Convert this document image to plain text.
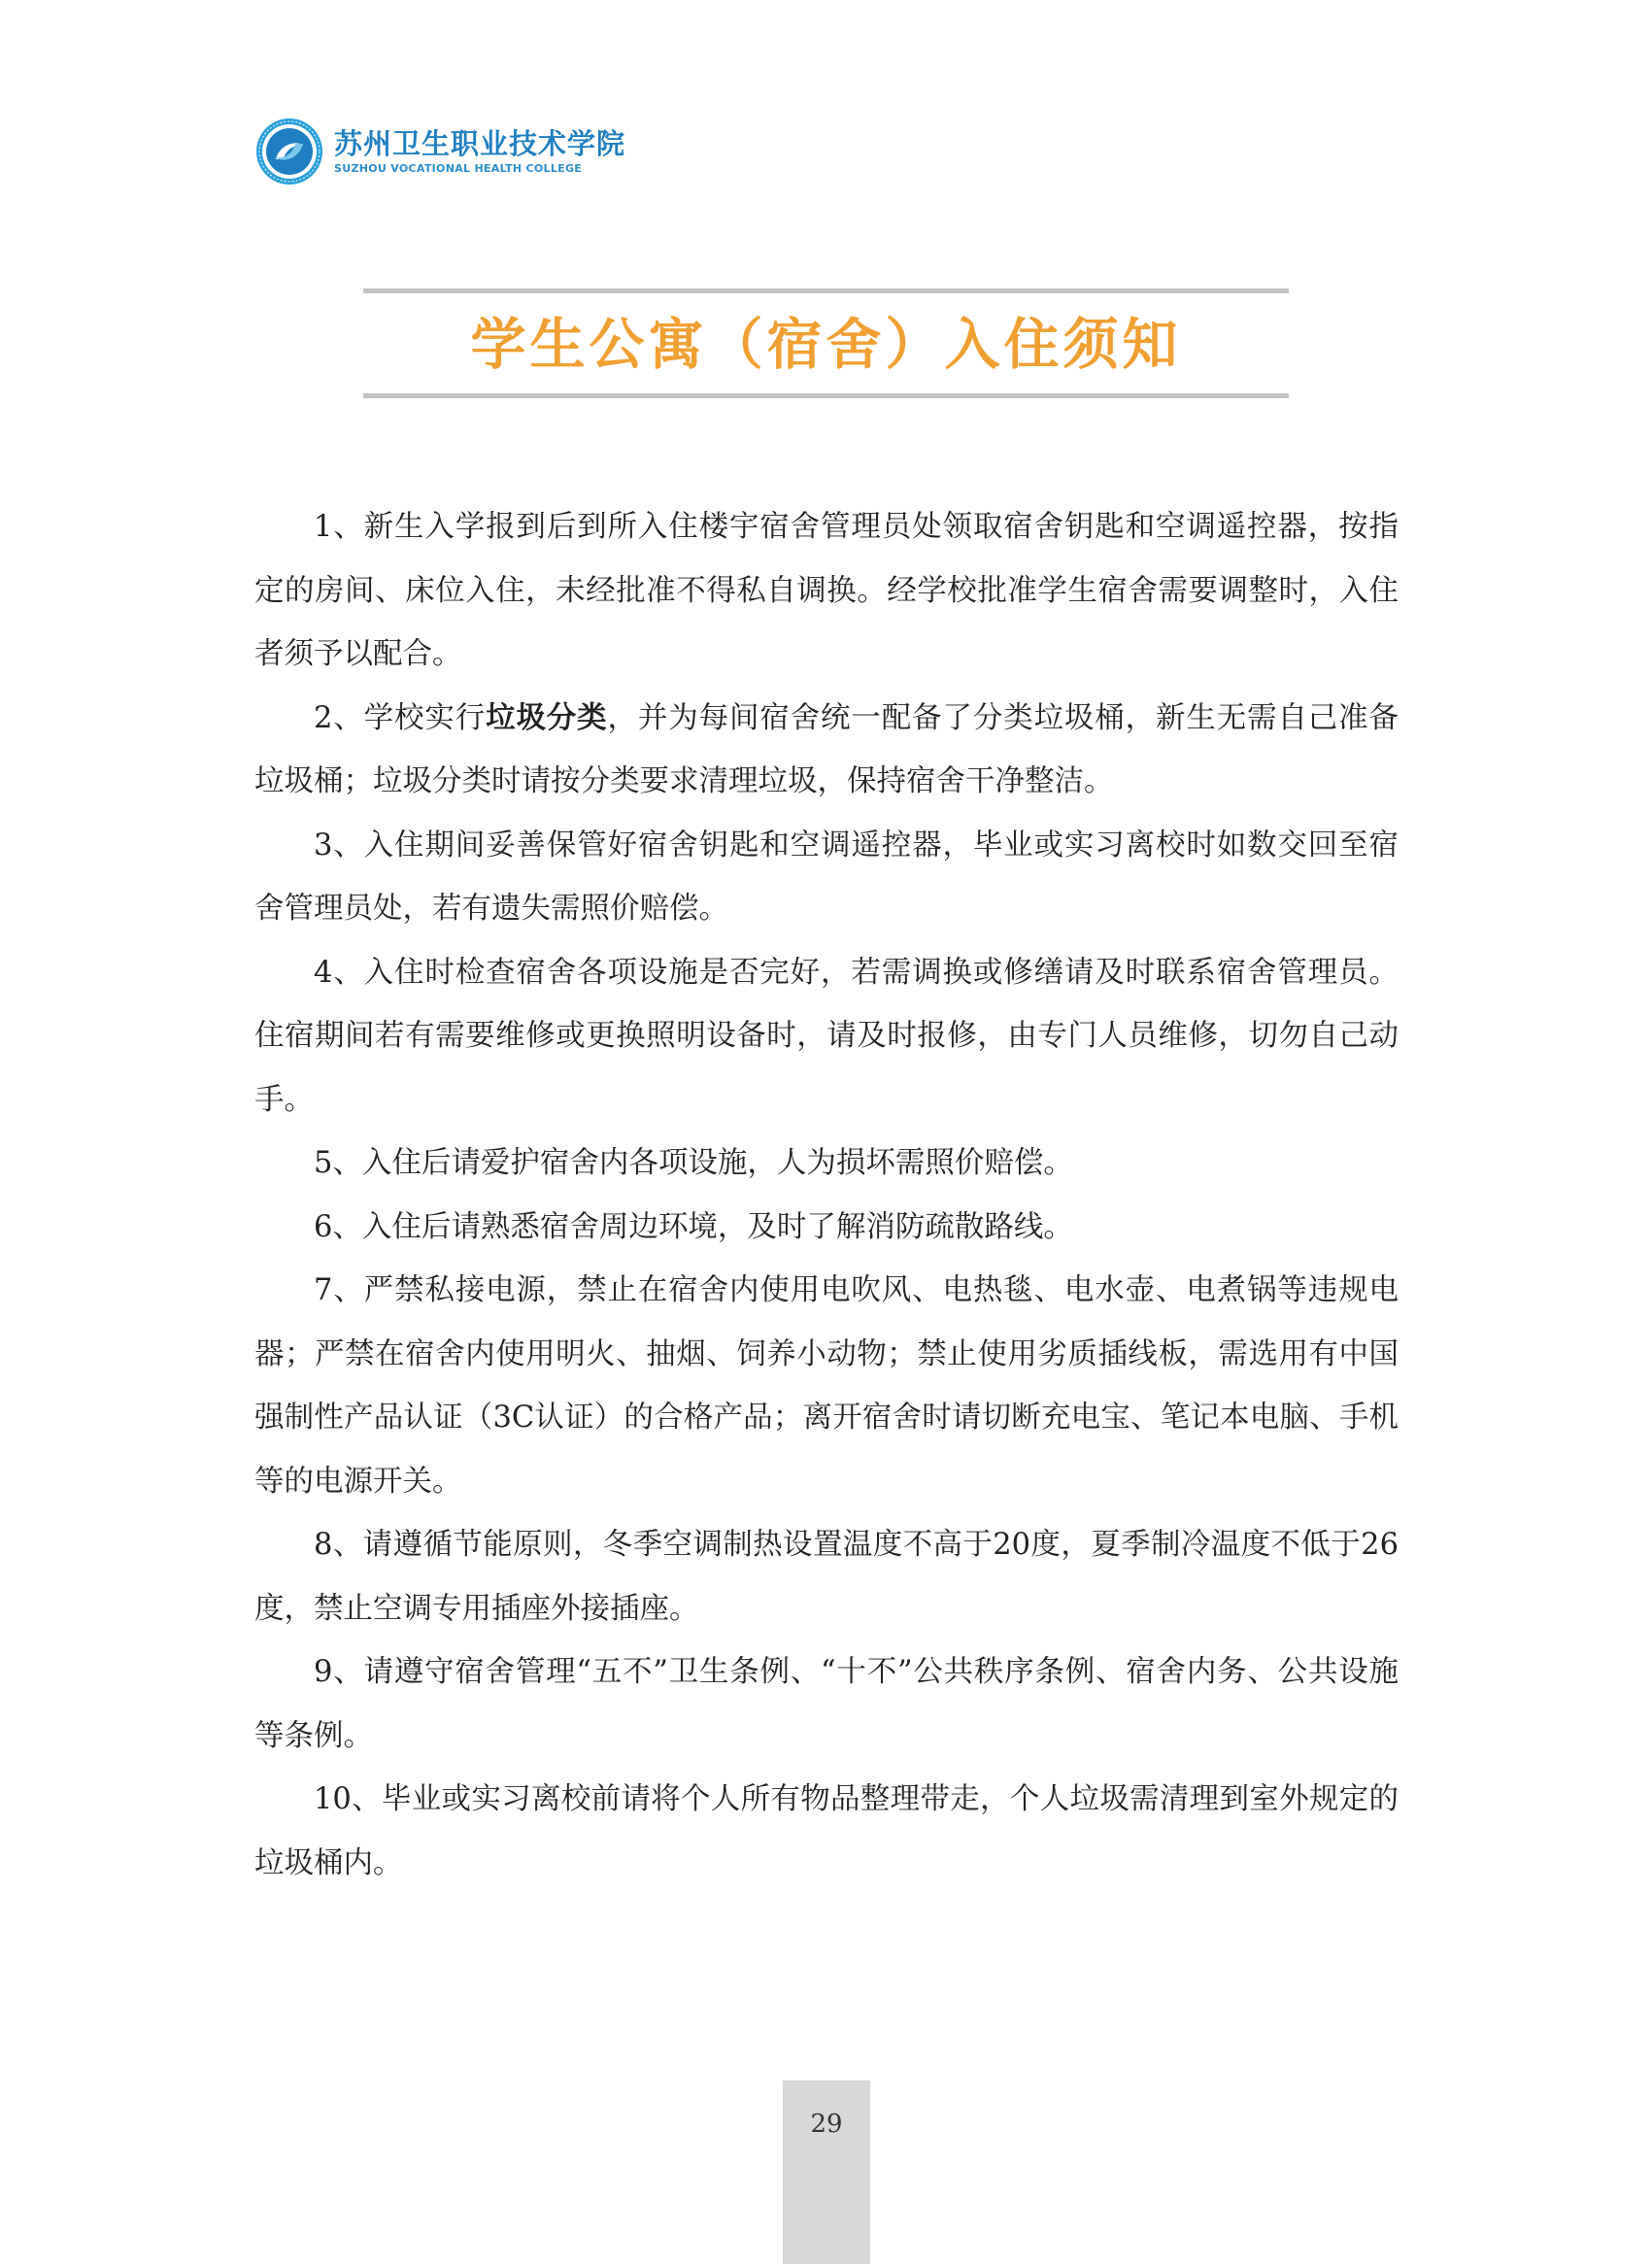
苏州卫生职业技术学院
SUZHOU VOCATIONAL HEALTH COLLEGE
学生公寓（宿舍）入住须知

1、新生入学报到后到所入住楼宇宿舍管理员处领取宿舍钥匙和空调遥控器，按指定的房间、床位入住，未经批准不得私自调换。经学校批准学生宿舍需要调整时，入住者须予以配合。

2、学校实行垃圾分类，并为每间宿舍统一配备了分类垃圾桶，新生无需自己准备垃圾桶；垃圾分类时请按分类要求清理垃圾，保持宿舍干净整洁。

3、入住期间妥善保管好宿舍钥匙和空调遥控器，毕业或实习离校时如数交回至宿舍管理员处，若有遗失需照价赔偿。

4、入住时检查宿舍各项设施是否完好，若需调换或修缮请及时联系宿舍管理员。住宿期间若有需要维修或更换照明设备时，请及时报修，由专门人员维修，切勿自己动手。

5、入住后请爱护宿舍内各项设施，人为损坏需照价赔偿。

6、入住后请熟悉宿舍周边环境，及时了解消防疏散路线。

7、严禁私接电源，禁止在宿舍内使用电吹风、电热毯、电水壶、电煮锅等违规电器；严禁在宿舍内使用明火、抽烟、饲养小动物；禁止使用劣质插线板，需选用有中国强制性产品认证（3C认证）的合格产品；离开宿舍时请切断充电宝、笔记本电脑、手机等的电源开关。

8、请遵循节能原则，冬季空调制热设置温度不高于20度，夏季制冷温度不低于26度，禁止空调专用插座外接插座。

9、请遵守宿舍管理“五不”卫生条例、“十不”公共秩序条例、宿舍内务、公共设施等条例。

10、毕业或实习离校前请将个人所有物品整理带走，个人垃圾需清理到室外规定的垃圾桶内。

29
